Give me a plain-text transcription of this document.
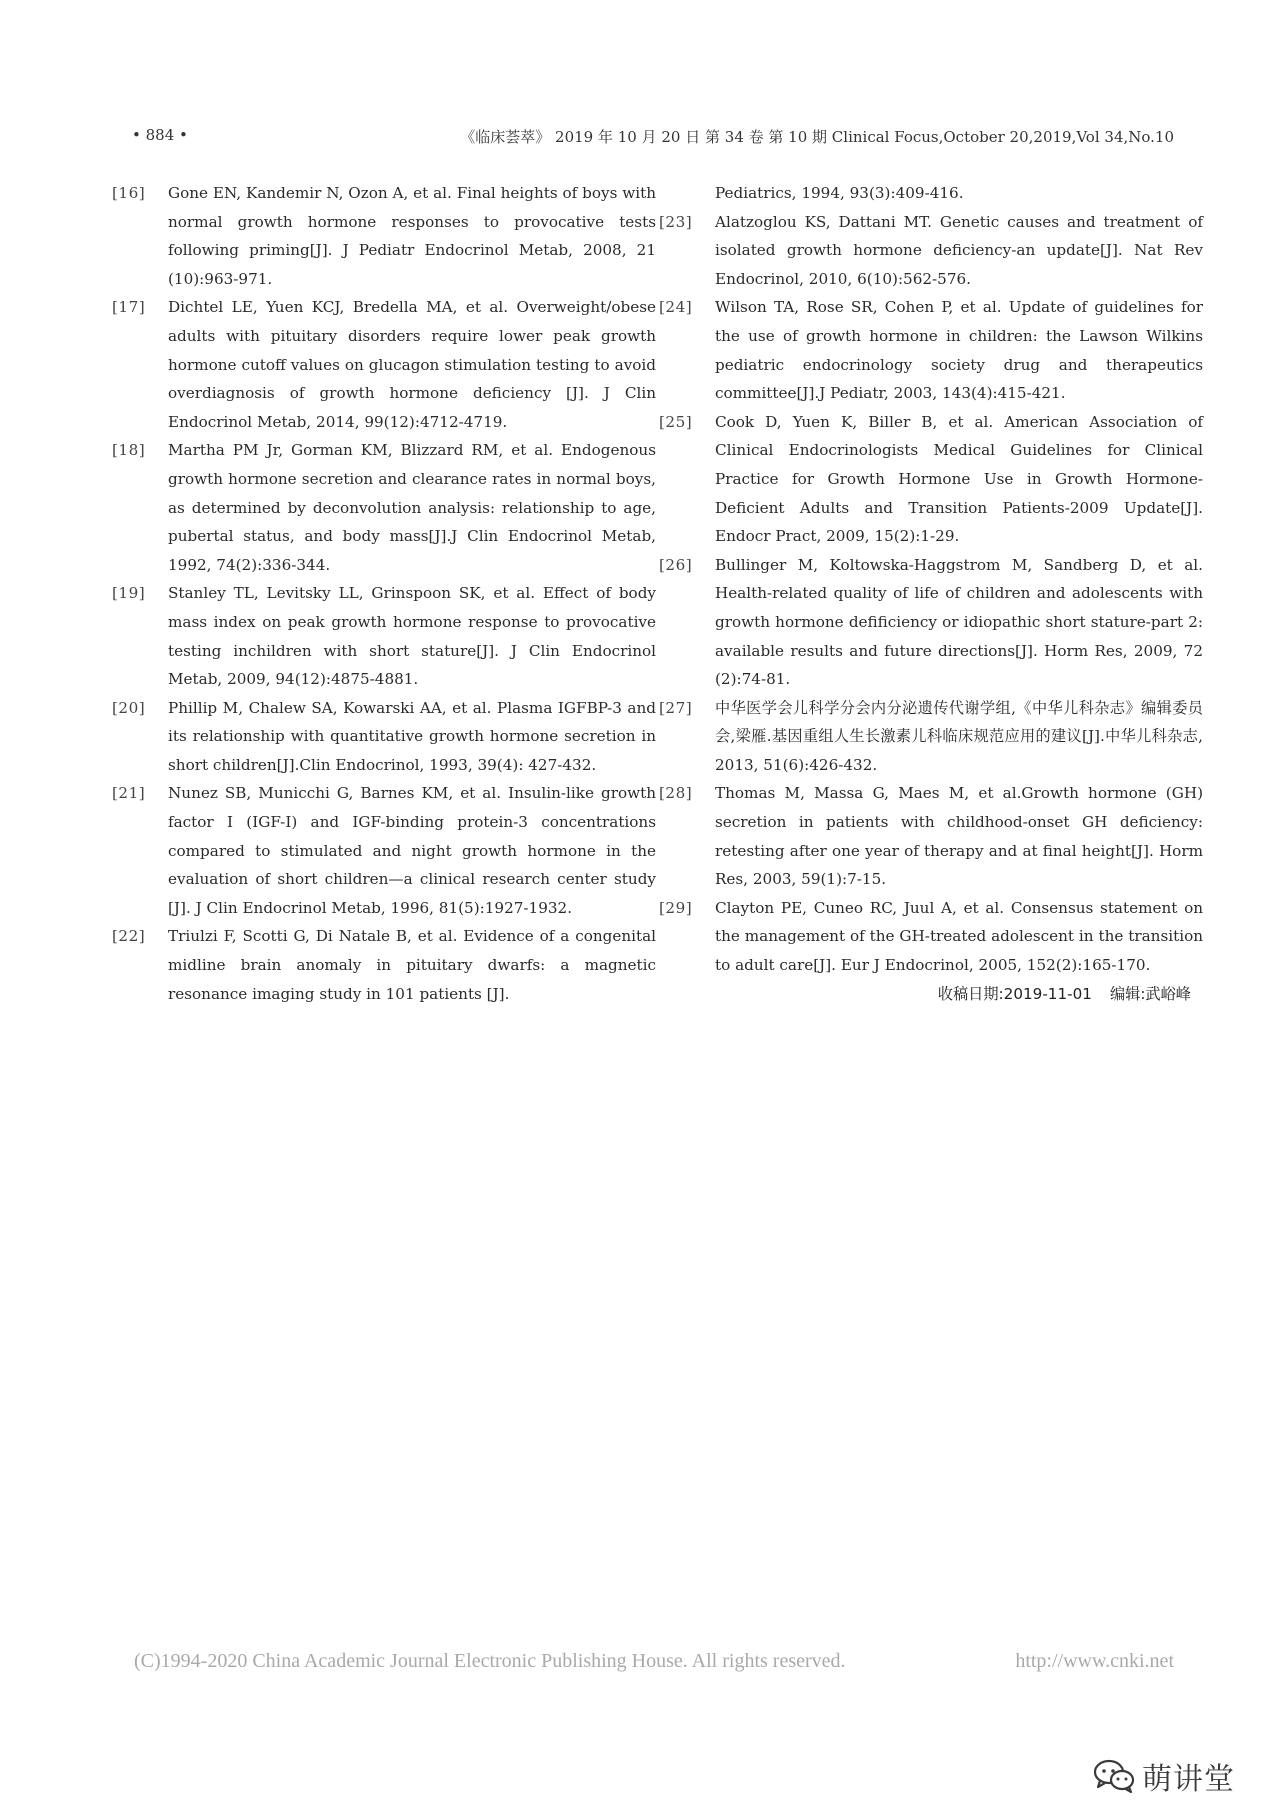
• 884 •	《临床荟萃》 2019 年 10 月 20 日 第 34 卷 第 10 期 Clinical Focus,October 20,2019,Vol 34,No.10
[16]	Gone EN, Kandemir N, Ozon A, et al. Final heights of boys with normal growth hormone responses to provocative tests following priming[J]. J Pediatr Endocrinol Metab, 2008, 21 (10):963-971.
[17]	Dichtel LE, Yuen KCJ, Bredella MA, et al. Overweight/obese adults with pituitary disorders require lower peak growth hormone cutoff values on glucagon stimulation testing to avoid overdiagnosis of growth hormone deficiency [J]. J Clin Endocrinol Metab, 2014, 99(12):4712-4719.
[18]	Martha PM Jr, Gorman KM, Blizzard RM, et al. Endogenous growth hormone secretion and clearance rates in normal boys, as determined by deconvolution analysis: relationship to age, pubertal status, and body mass[J].J Clin Endocrinol Metab, 1992, 74(2):336-344.
[19]	Stanley TL, Levitsky LL, Grinspoon SK, et al. Effect of body mass index on peak growth hormone response to provocative testing inchildren with short stature[J]. J Clin Endocrinol Metab, 2009, 94(12):4875-4881.
[20]	Phillip M, Chalew SA, Kowarski AA, et al. Plasma IGFBP-3 and its relationship with quantitative growth hormone secretion in short children[J].Clin Endocrinol, 1993, 39(4): 427-432.
[21]	Nunez SB, Municchi G, Barnes KM, et al. Insulin-like growth factor I (IGF-I) and IGF-binding protein-3 concentrations compared to stimulated and night growth hormone in the evaluation of short children—a clinical research center study [J]. J Clin Endocrinol Metab, 1996, 81(5):1927-1932.
[22]	Triulzi F, Scotti G, Di Natale B, et al. Evidence of a congenital midline brain anomaly in pituitary dwarfs: a magnetic resonance imaging study in 101 patients [J].
Pediatrics, 1994, 93(3):409-416.
[23]	Alatzoglou KS, Dattani MT. Genetic causes and treatment of isolated growth hormone deficiency-an update[J]. Nat Rev Endocrinol, 2010, 6(10):562-576.
[24]	Wilson TA, Rose SR, Cohen P, et al. Update of guidelines for the use of growth hormone in children: the Lawson Wilkins pediatric endocrinology society drug and therapeutics committee[J].J Pediatr, 2003, 143(4):415-421.
[25]	Cook D, Yuen K, Biller B, et al. American Association of Clinical Endocrinologists Medical Guidelines for Clinical Practice for Growth Hormone Use in Growth Hormone-Deficient Adults and Transition Patients-2009 Update[J]. Endocr Pract, 2009, 15(2):1-29.
[26]	Bullinger M, Koltowska-Haggstrom M, Sandberg D, et al. Health-related quality of life of children and adolescents with growth hormone defificiency or idiopathic short stature-part 2: available results and future directions[J]. Horm Res, 2009, 72 (2):74-81.
[27]	中华医学会儿科学分会内分泌遗传代谢学组,《中华儿科杂志》编辑委员会,梁雁.基因重组人生长激素儿科临床规范应用的建议[J].中华儿科杂志, 2013, 51(6):426-432.
[28]	Thomas M, Massa G, Maes M, et al.Growth hormone (GH) secretion in patients with childhood-onset GH deficiency: retesting after one year of therapy and at final height[J]. Horm Res, 2003, 59(1):7-15.
[29]	Clayton PE, Cuneo RC, Juul A, et al. Consensus statement on the management of the GH-treated adolescent in the transition to adult care[J]. Eur J Endocrinol, 2005, 152(2):165-170.
收稿日期:2019-11-01 编辑:武峪峰
(C)1994-2020 China Academic Journal Electronic Publishing House. All rights reserved.	http://www.cnki.net
萌讲堂
